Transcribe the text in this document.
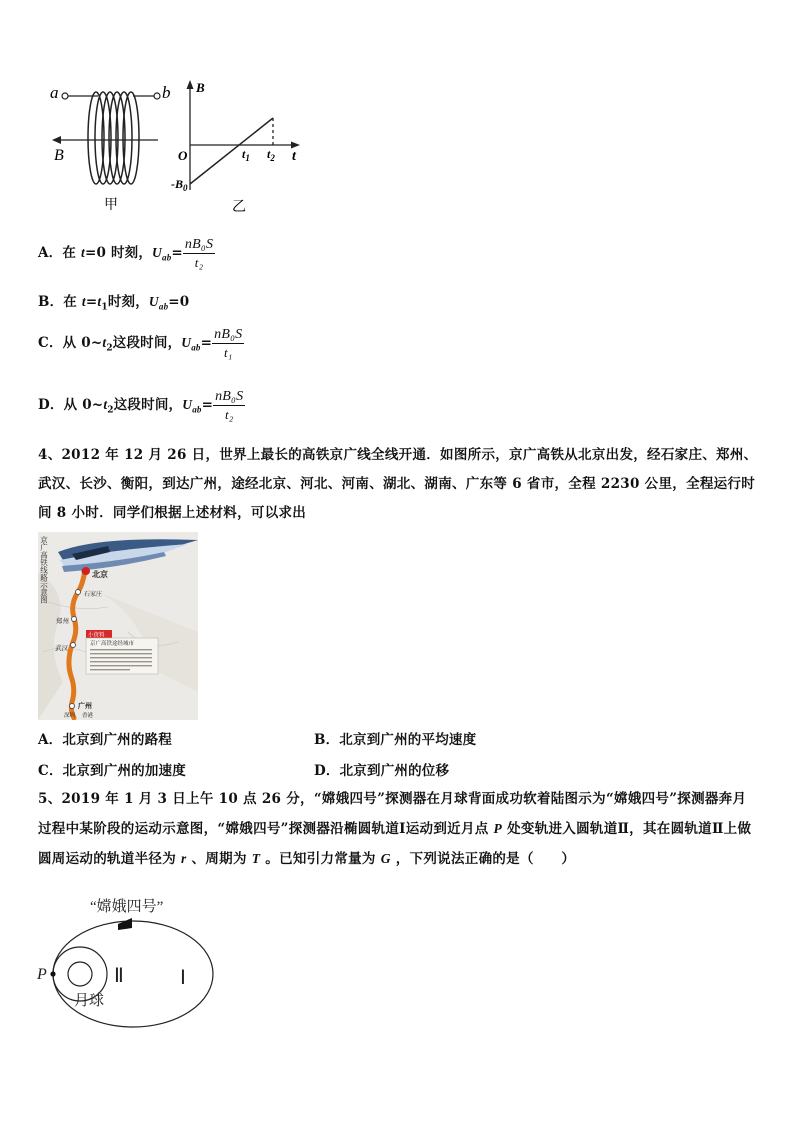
a	b
B
甲
B
t
O
$-B_0$
$t_1$ $t_2$
乙
A．在 t=0 时刻，$U_{ab}= \frac{\text{nB₀S}}{\text{t₂}}$
B．在 $t=t_1$时刻，$U_{ab}=0$
C．从 $0\sim t_2$这段时间，$U_{ab}= \frac{\text{nB₀S}}{\text{t₁}}$
D．从 $0\sim t_2$这段时间，$U_{ab}= \frac{\text{nB₀S}}{\text{t₂}}$
4、2012 年 12 月 26 日，世界上最长的高铁京广线全线开通．如图所示，京广高铁从北京出发，经石家庄、郑州、武汉、长沙、衡阳，到达广州，途经北京、河北、河南、湖北、湖南、广东等 6 省市，全程 2230 公里，全程运行时间 8 小时．同学们根据上述材料，可以求出
京广高铁线路示意图	北京
石家庄
郑州
武汉
广州
深圳 香港
小资料
京广高铁途经城市
A．北京到广州的路程	B．北京到广州的平均速度
C．北京到广州的加速度	D．北京到广州的位移
5、2019 年 1 月 3 日上午 10 点 26 分，“嫦娥四号”探测器在月球背面成功软着陆图示为“嫦娥四号”探测器奔月过程中某阶段的运动示意图，“嫦娥四号”探测器沿椭圆轨道Ⅰ运动到近月点 P 处变轨进入圆轨道Ⅱ，其在圆轨道Ⅱ上做圆周运动的轨道半径为 r 、周期为 T 。已知引力常量为 G ，下列说法正确的是（　　）
“嫦娥四号”
P	Ⅱ	Ⅰ
月球
